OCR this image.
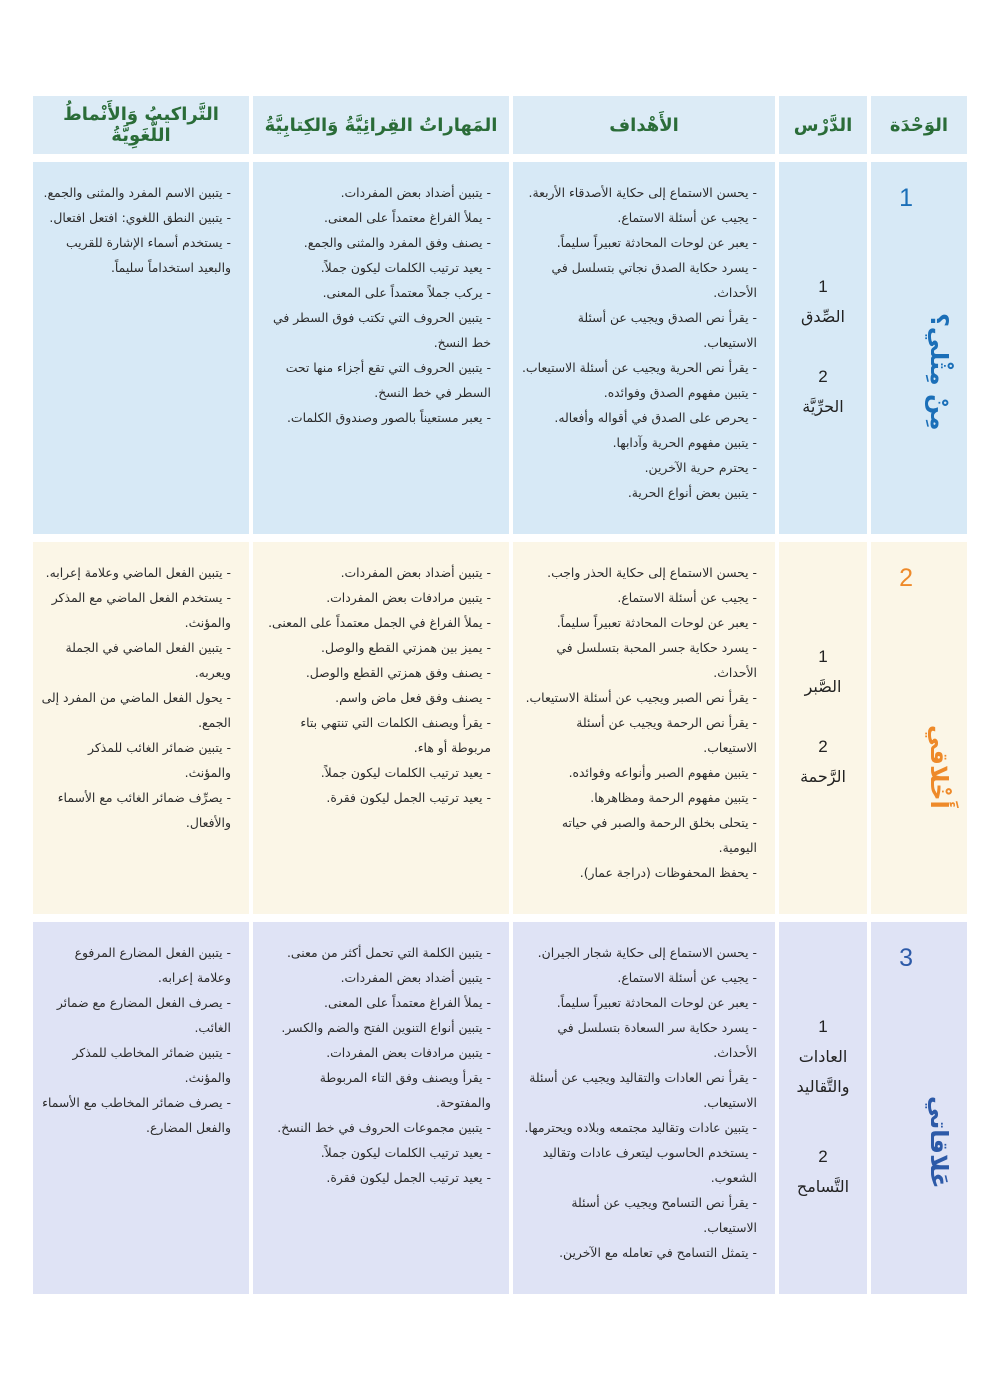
الوَحْدَة
الدَّرْس
الأَهْداف
المَهاراتُ القِرائِيَّةُ وَالكِتابِيَّةُ
التَّراكيبُ وَالأَنْماطُ اللُّغَوِيَّةُ
1
مِنْ مِثْلي؟
1
الصِّدق
2
الحرِّيَّة
- يحسن الاستماع إلى حكاية الأصدقاء الأربعة.
- يجيب عن أسئلة الاستماع.
- يعبر عن لوحات المحادثة تعبيراً سليماً.
- يسرد حكاية الصدق نجاتي بتسلسل في الأحداث.
- يقرأ نص الصدق ويجيب عن أسئلة الاستيعاب.
- يقرأ نص الحرية ويجيب عن أسئلة الاستيعاب.
- يتبين مفهوم الصدق وفوائده.
- يحرص على الصدق في أقواله وأفعاله.
- يتبين مفهوم الحرية وآدابها.
- يحترم حرية الآخرين.
- يتبين بعض أنواع الحرية.
- يتبين أضداد بعض المفردات.
- يملأ الفراغ معتمداً على المعنى.
- يصنف وفق المفرد والمثنى والجمع.
- يعيد ترتيب الكلمات ليكون جملاً.
- يركب جملاً معتمداً على المعنى.
- يتبين الحروف التي تكتب فوق السطر في خط النسخ.
- يتبين الحروف التي تقع أجزاء منها تحت السطر في خط النسخ.
- يعبر مستعيناً بالصور وصندوق الكلمات.
- يتبين الاسم المفرد والمثنى والجمع.
- يتبين النطق اللغوي: افتعل افتعال.
- يستخدم أسماء الإشارة للقريب والبعيد استخداماً سليماً.
2
أَخْلاقي
1
الصَّبر
2
الرَّحمة
- يحسن الاستماع إلى حكاية الحذر واجب.
- يجيب عن أسئلة الاستماع.
- يعبر عن لوحات المحادثة تعبيراً سليماً.
- يسرد حكاية جسر المحبة بتسلسل في الأحداث.
- يقرأ نص الصبر ويجيب عن أسئلة الاستيعاب.
- يقرأ نص الرحمة ويجيب عن أسئلة الاستيعاب.
- يتبين مفهوم الصبر وأنواعه وفوائده.
- يتبين مفهوم الرحمة ومظاهرها.
- يتحلى بخلق الرحمة والصبر في حياته اليومية.
- يحفظ المحفوظات (دراجة عمار).
- يتبين أضداد بعض المفردات.
- يتبين مرادفات بعض المفردات.
- يملأ الفراغ في الجمل معتمداً على المعنى.
- يميز بين همزتي القطع والوصل.
- يصنف وفق همزتي القطع والوصل.
- يصنف وفق فعل ماض واسم.
- يقرأ ويصنف الكلمات التي تنتهي بتاء مربوطة أو هاء.
- يعيد ترتيب الكلمات ليكون جملاً.
- يعيد ترتيب الجمل ليكون فقرة.
- يتبين الفعل الماضي وعلامة إعرابه.
- يستخدم الفعل الماضي مع المذكر والمؤنث.
- يتبين الفعل الماضي في الجملة ويعربه.
- يحول الفعل الماضي من المفرد إلى الجمع.
- يتبين ضمائر الغائب للمذكر والمؤنث.
- يصرِّف ضمائر الغائب مع الأسماء والأفعال.
3
عَلاقاتي
1
العادات والتَّقاليد
2
التَّسامح
- يحسن الاستماع إلى حكاية شجار الجيران.
- يجيب عن أسئلة الاستماع.
- يعبر عن لوحات المحادثة تعبيراً سليماً.
- يسرد حكاية سر السعادة بتسلسل في الأحداث.
- يقرأ نص العادات والتقاليد ويجيب عن أسئلة الاستيعاب.
- يتبين عادات وتقاليد مجتمعه وبلاده ويحترمها.
- يستخدم الحاسوب ليتعرف عادات وتقاليد الشعوب.
- يقرأ نص التسامح ويجيب عن أسئلة الاستيعاب.
- يتمثل التسامح في تعامله مع الآخرين.
- يتبين الكلمة التي تحمل أكثر من معنى.
- يتبين أضداد بعض المفردات.
- يملأ الفراغ معتمداً على المعنى.
- يتبين أنواع التنوين الفتح والضم والكسر.
- يتبين مرادفات بعض المفردات.
- يقرأ ويصنف وفق التاء المربوطة والمفتوحة.
- يتبين مجموعات الحروف في خط النسخ.
- يعيد ترتيب الكلمات ليكون جملاً.
- يعيد ترتيب الجمل ليكون فقرة.
- يتبين الفعل المضارع المرفوع وعلامة إعرابه.
- يصرف الفعل المضارع مع ضمائر الغائب.
- يتبين ضمائر المخاطب للمذكر والمؤنث.
- يصرف ضمائر المخاطب مع الأسماء والفعل المضارع.
